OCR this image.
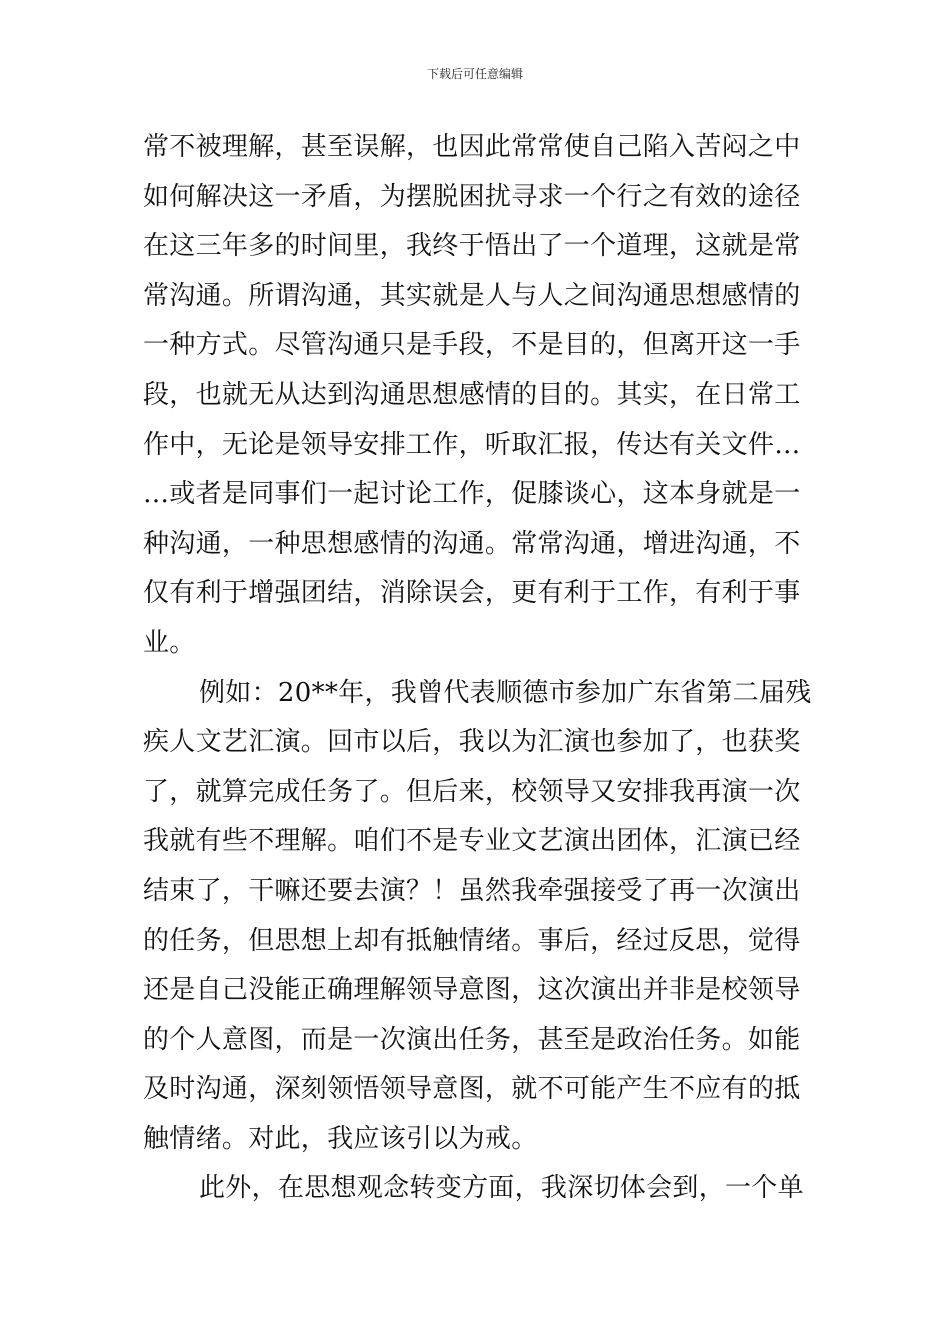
下载后可任意编辑
常不被理解，甚至误解，也因此常常使自己陷入苦闷之中
如何解决这一矛盾，为摆脱困扰寻求一个行之有效的途径
在这三年多的时间里，我终于悟出了一个道理，这就是常
常沟通。所谓沟通，其实就是人与人之间沟通思想感情的
一种方式。尽管沟通只是手段，不是目的，但离开这一手
段，也就无从达到沟通思想感情的目的。其实，在日常工
作中，无论是领导安排工作，听取汇报，传达有关文件…
…或者是同事们一起讨论工作，促膝谈心，这本身就是一
种沟通，一种思想感情的沟通。常常沟通，增进沟通，不
仅有利于增强团结，消除误会，更有利于工作，有利于事
业。
例如：20**年，我曾代表顺德市参加广东省第二届残
疾人文艺汇演。回市以后，我以为汇演也参加了，也获奖
了，就算完成任务了。但后来，校领导又安排我再演一次
我就有些不理解。咱们不是专业文艺演出团体，汇演已经
结束了，干嘛还要去演？！虽然我牵强接受了再一次演出
的任务，但思想上却有抵触情绪。事后，经过反思，觉得
还是自己没能正确理解领导意图，这次演出并非是校领导
的个人意图，而是一次演出任务，甚至是政治任务。如能
及时沟通，深刻领悟领导意图，就不可能产生不应有的抵
触情绪。对此，我应该引以为戒。
此外，在思想观念转变方面，我深切体会到，一个单
